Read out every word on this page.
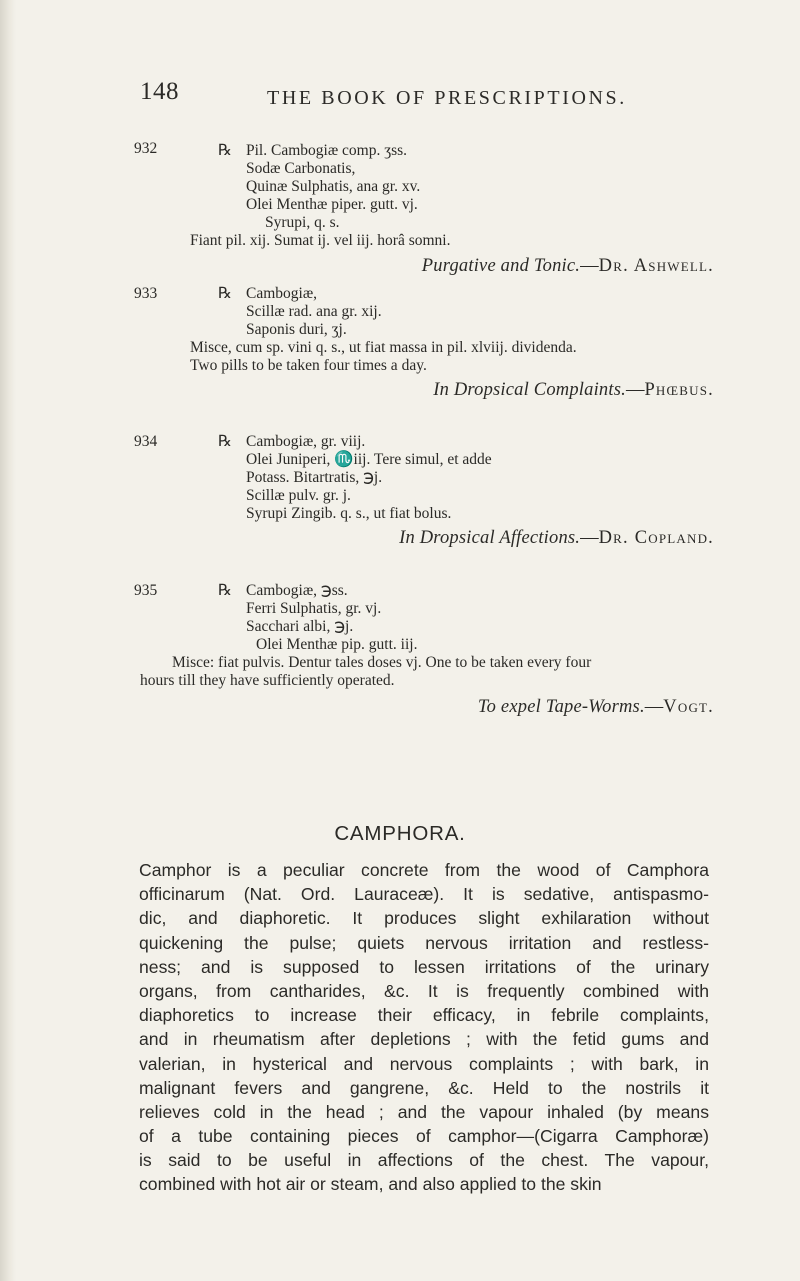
148	THE BOOK OF PRESCRIPTIONS.
932	℞ Pil. Cambogiæ comp. ʒss.
Sodæ Carbonatis,
Quinæ Sulphatis, ana gr. xv.
Olei Menthæ piper. gutt. vj.
Syrupi, q. s.
Fiant pil. xij. Sumat ij. vel iij. horâ somni.
Purgative and Tonic.—Dr. Ashwell.
933	℞ Cambogiæ,
Scillæ rad. ana gr. xij.
Saponis duri, ʒj.
Misce, cum sp. vini q. s., ut fiat massa in pil. xlviij. dividenda.
Two pills to be taken four times a day.
In Dropsical Complaints.—Phœbus.
934	℞ Cambogiæ, gr. viij.
Olei Juniperi, ♏iij. Tere simul, et adde
Potass. Bitartratis, ℈j.
Scillæ pulv. gr. j.
Syrupi Zingib. q. s., ut fiat bolus.
In Dropsical Affections.—Dr. Copland.
935	℞ Cambogiæ, ℈ss.
Ferri Sulphatis, gr. vj.
Sacchari albi, ℈j.
Olei Menthæ pip. gutt. iij.
Misce: fiat pulvis. Dentur tales doses vj. One to be taken every four
hours till they have sufficiently operated.
To expel Tape-Worms.—Vogt.
CAMPHORA.
Camphor is a peculiar concrete from the wood of Camphora
officinarum (Nat. Ord. Lauraceæ). It is sedative, antispasmo-
dic, and diaphoretic. It produces slight exhilaration without
quickening the pulse; quiets nervous irritation and restless-
ness; and is supposed to lessen irritations of the urinary
organs, from cantharides, &c. It is frequently combined with
diaphoretics to increase their efficacy, in febrile complaints,
and in rheumatism after depletions ; with the fetid gums and
valerian, in hysterical and nervous complaints ; with bark, in
malignant fevers and gangrene, &c. Held to the nostrils it
relieves cold in the head ; and the vapour inhaled (by means
of a tube containing pieces of camphor—(Cigarra Camphoræ)
is said to be useful in affections of the chest. The vapour,
combined with hot air or steam, and also applied to the skin
